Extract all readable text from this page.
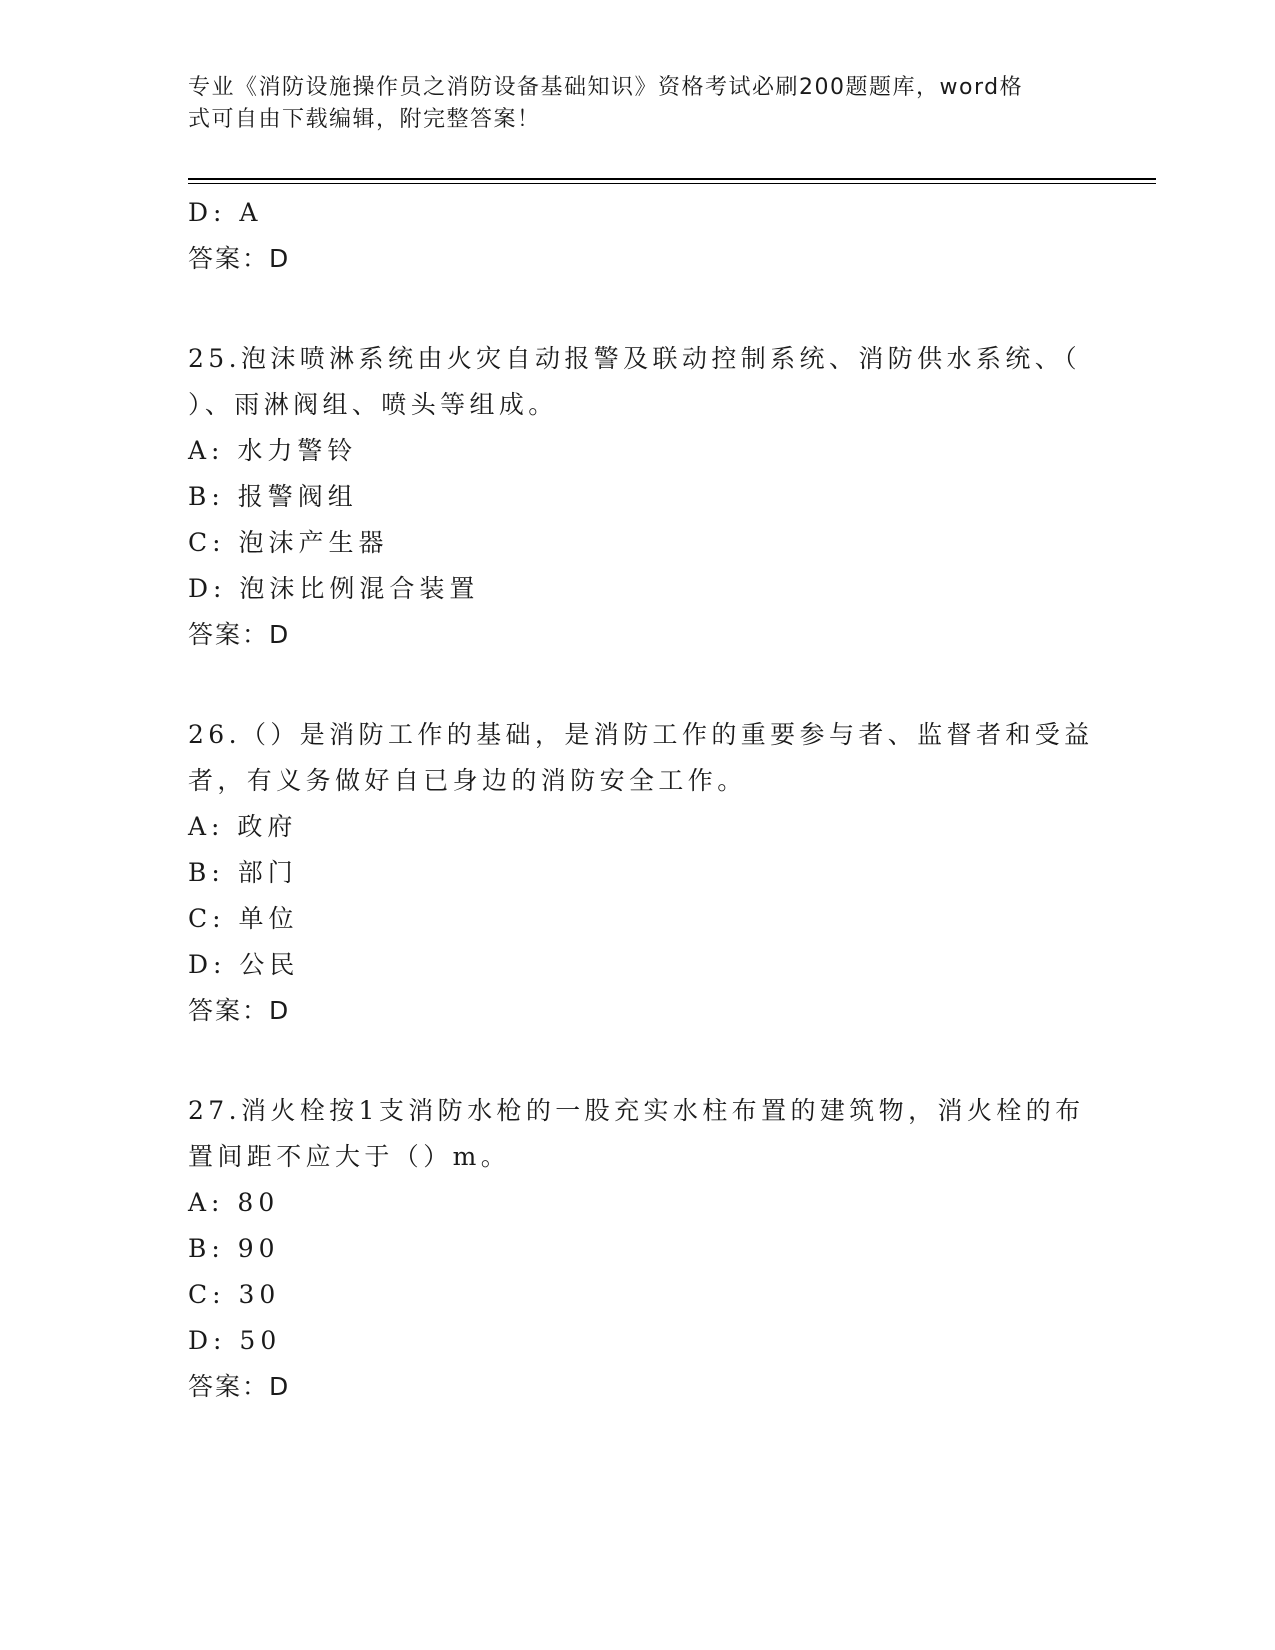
专业《消防设施操作员之消防设备基础知识》资格考试必刷200题题库，word格
式可自由下载编辑，附完整答案！
D: A
答案：D
25.泡沫喷淋系统由火灾自动报警及联动控制系统、消防供水系统、（
）、雨淋阀组、喷头等组成。
A: 水力警铃
B: 报警阀组
C: 泡沫产生器
D: 泡沫比例混合装置
答案：D
26.（）是消防工作的基础，是消防工作的重要参与者、监督者和受益
者，有义务做好自已身边的消防安全工作。
A: 政府
B: 部门
C: 单位
D: 公民
答案：D
27.消火栓按1支消防水枪的一股充实水柱布置的建筑物，消火栓的布
置间距不应大于（）m。
A: 80
B: 90
C: 30
D: 50
答案：D
